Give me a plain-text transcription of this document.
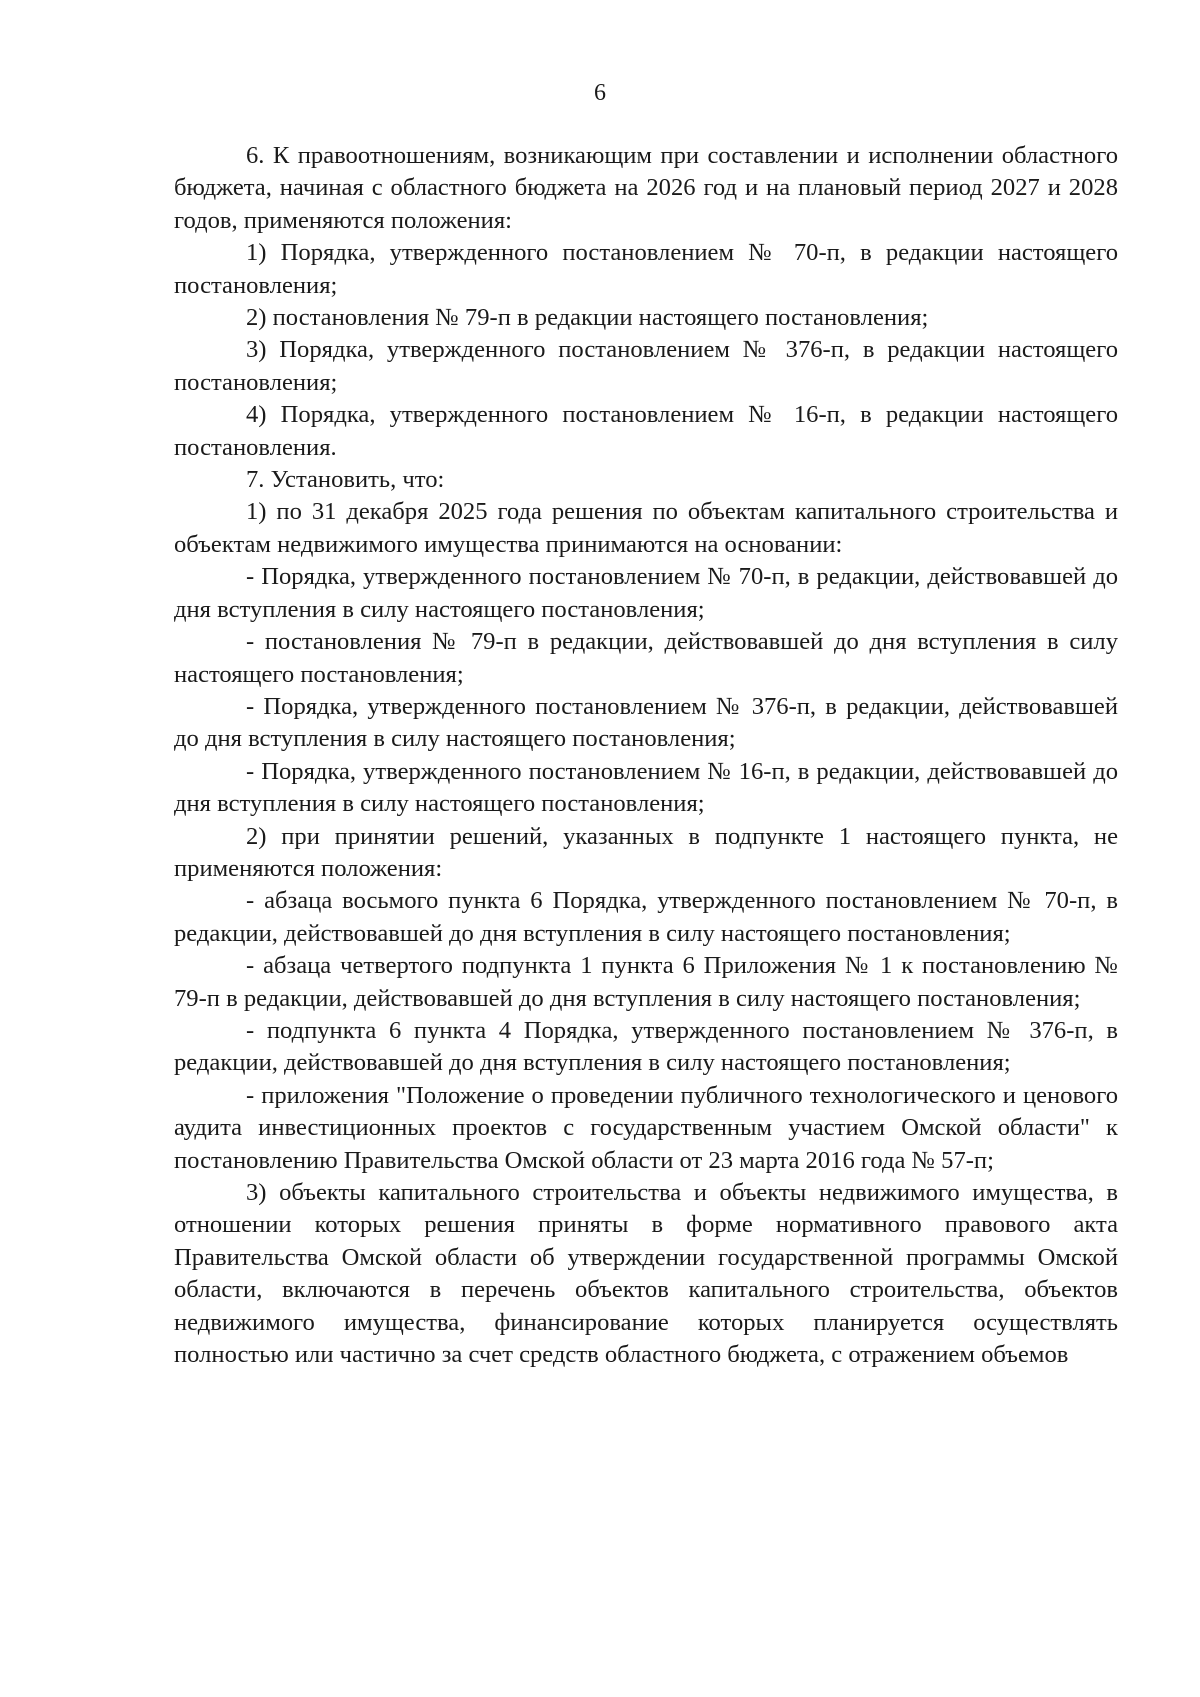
6

6. К правоотношениям, возникающим при составлении и исполнении областного бюджета, начиная с областного бюджета на 2026 год и на плановый период 2027 и 2028 годов, применяются положения:

1) Порядка, утвержденного постановлением № 70-п, в редакции настоящего постановления;

2) постановления № 79-п в редакции настоящего постановления;

3) Порядка, утвержденного постановлением № 376-п, в редакции настоящего постановления;

4) Порядка, утвержденного постановлением № 16-п, в редакции настоящего постановления.

7. Установить, что:

1) по 31 декабря 2025 года решения по объектам капитального строительства и объектам недвижимого имущества принимаются на основании:

- Порядка, утвержденного постановлением № 70-п, в редакции, действовавшей до дня вступления в силу настоящего постановления;

- постановления № 79-п в редакции, действовавшей до дня вступления в силу настоящего постановления;

- Порядка, утвержденного постановлением № 376-п, в редакции, действовавшей до дня вступления в силу настоящего постановления;

- Порядка, утвержденного постановлением № 16-п, в редакции, действовавшей до дня вступления в силу настоящего постановления;

2) при принятии решений, указанных в подпункте 1 настоящего пункта, не применяются положения:

- абзаца восьмого пункта 6 Порядка, утвержденного постановлением № 70-п, в редакции, действовавшей до дня вступления в силу настоящего постановления;

- абзаца четвертого подпункта 1 пункта 6 Приложения № 1 к постановлению № 79-п в редакции, действовавшей до дня вступления в силу настоящего постановления;

- подпункта 6 пункта 4 Порядка, утвержденного постановлением № 376-п, в редакции, действовавшей до дня вступления в силу настоящего постановления;

- приложения "Положение о проведении публичного технологического и ценового аудита инвестиционных проектов с государственным участием Омской области" к постановлению Правительства Омской области от 23 марта 2016 года № 57-п;

3) объекты капитального строительства и объекты недвижимого имущества, в отношении которых решения приняты в форме нормативного правового акта Правительства Омской области об утверждении государственной программы Омской области, включаются в перечень объектов капитального строительства, объектов недвижимого имущества, финансирование которых планируется осуществлять полностью или частично за счет средств областного бюджета, с отражением объемов
